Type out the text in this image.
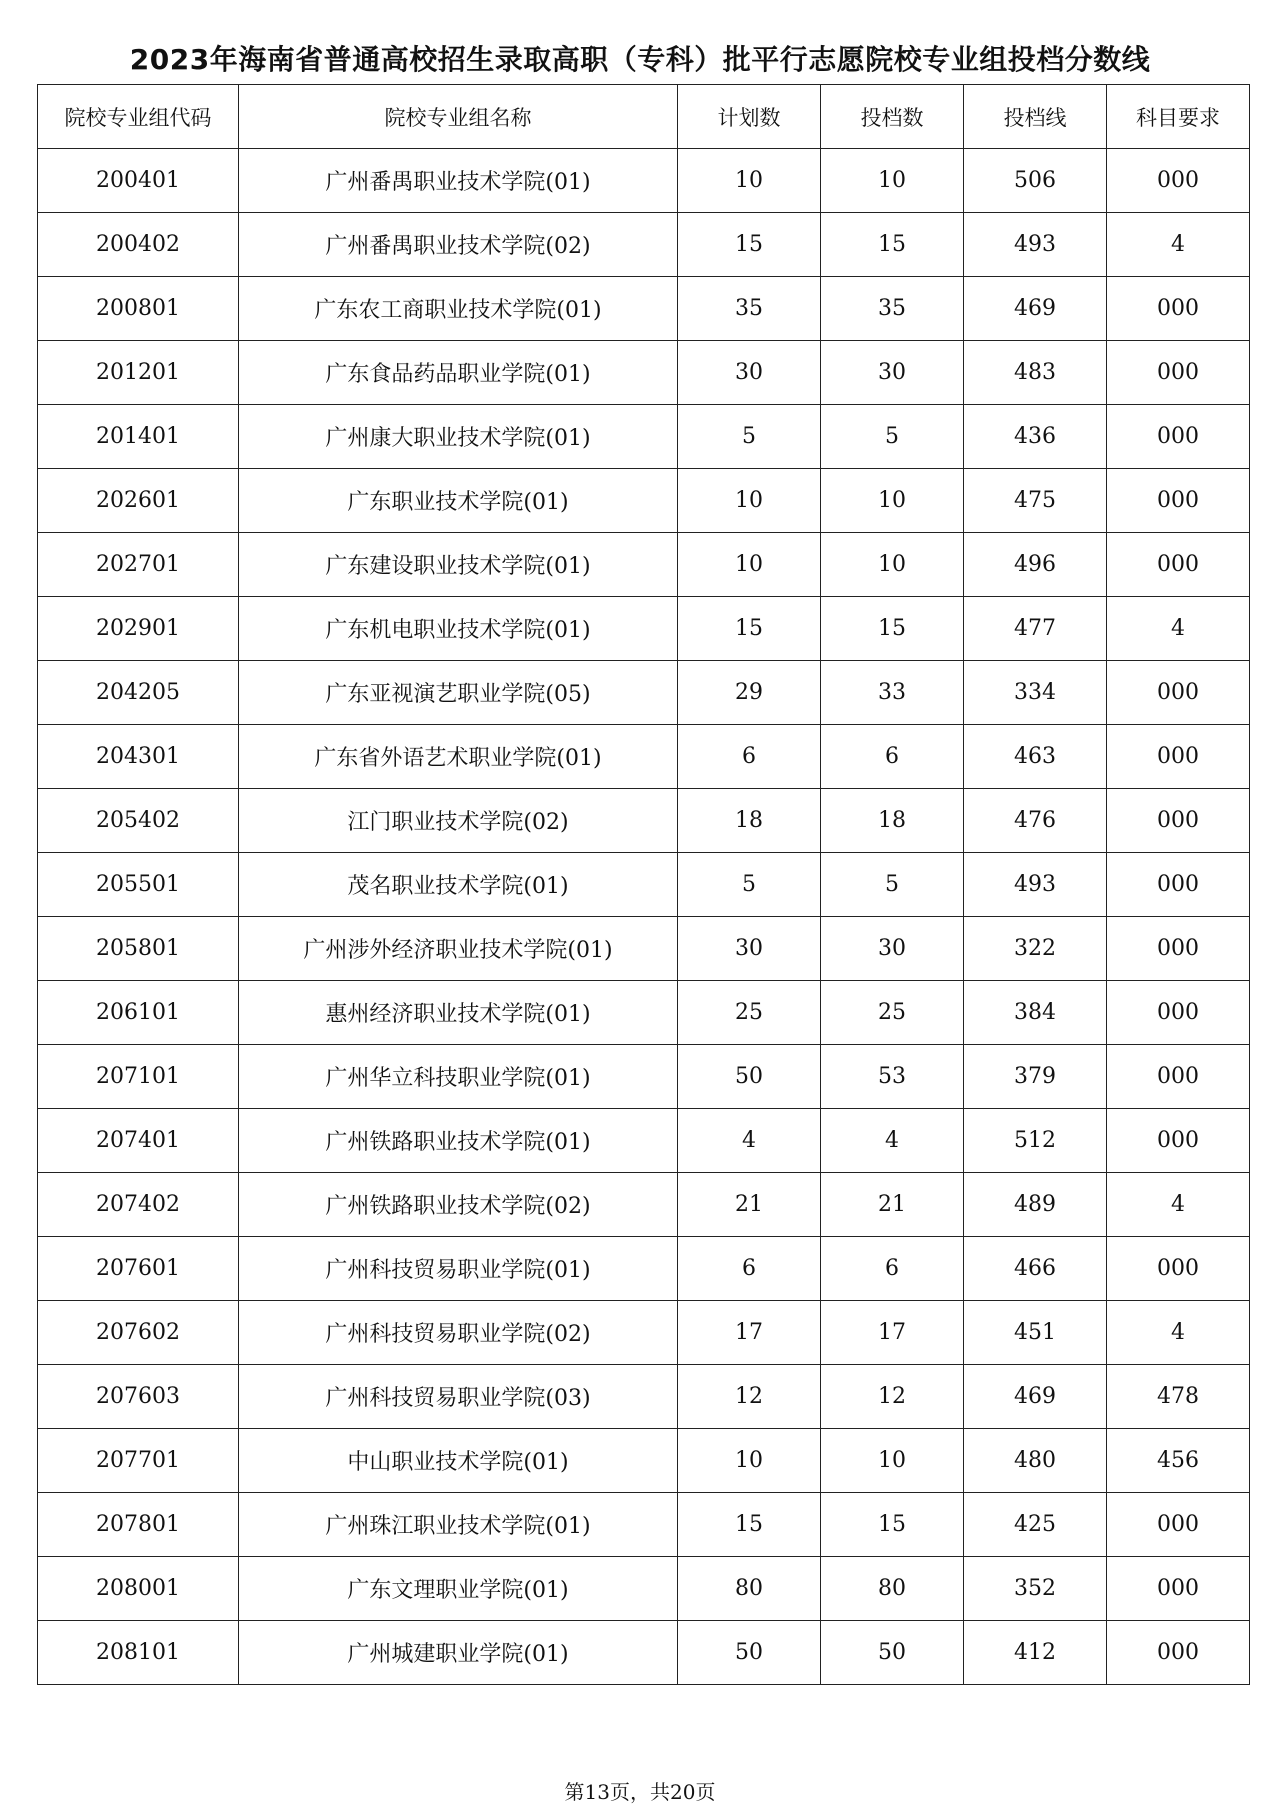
2023年海南省普通高校招生录取高职（专科）批平行志愿院校专业组投档分数线
院校专业组代码	院校专业组名称	计划数	投档数	投档线	科目要求
200401	广州番禺职业技术学院(01)	10	10	506	000
200402	广州番禺职业技术学院(02)	15	15	493	4
200801	广东农工商职业技术学院(01)	35	35	469	000
201201	广东食品药品职业学院(01)	30	30	483	000
201401	广州康大职业技术学院(01)	5	5	436	000
202601	广东职业技术学院(01)	10	10	475	000
202701	广东建设职业技术学院(01)	10	10	496	000
202901	广东机电职业技术学院(01)	15	15	477	4
204205	广东亚视演艺职业学院(05)	29	33	334	000
204301	广东省外语艺术职业学院(01)	6	6	463	000
205402	江门职业技术学院(02)	18	18	476	000
205501	茂名职业技术学院(01)	5	5	493	000
205801	广州涉外经济职业技术学院(01)	30	30	322	000
206101	惠州经济职业技术学院(01)	25	25	384	000
207101	广州华立科技职业学院(01)	50	53	379	000
207401	广州铁路职业技术学院(01)	4	4	512	000
207402	广州铁路职业技术学院(02)	21	21	489	4
207601	广州科技贸易职业学院(01)	6	6	466	000
207602	广州科技贸易职业学院(02)	17	17	451	4
207603	广州科技贸易职业学院(03)	12	12	469	478
207701	中山职业技术学院(01)	10	10	480	456
207801	广州珠江职业技术学院(01)	15	15	425	000
208001	广东文理职业学院(01)	80	80	352	000
208101	广州城建职业学院(01)	50	50	412	000
第13页，共20页
